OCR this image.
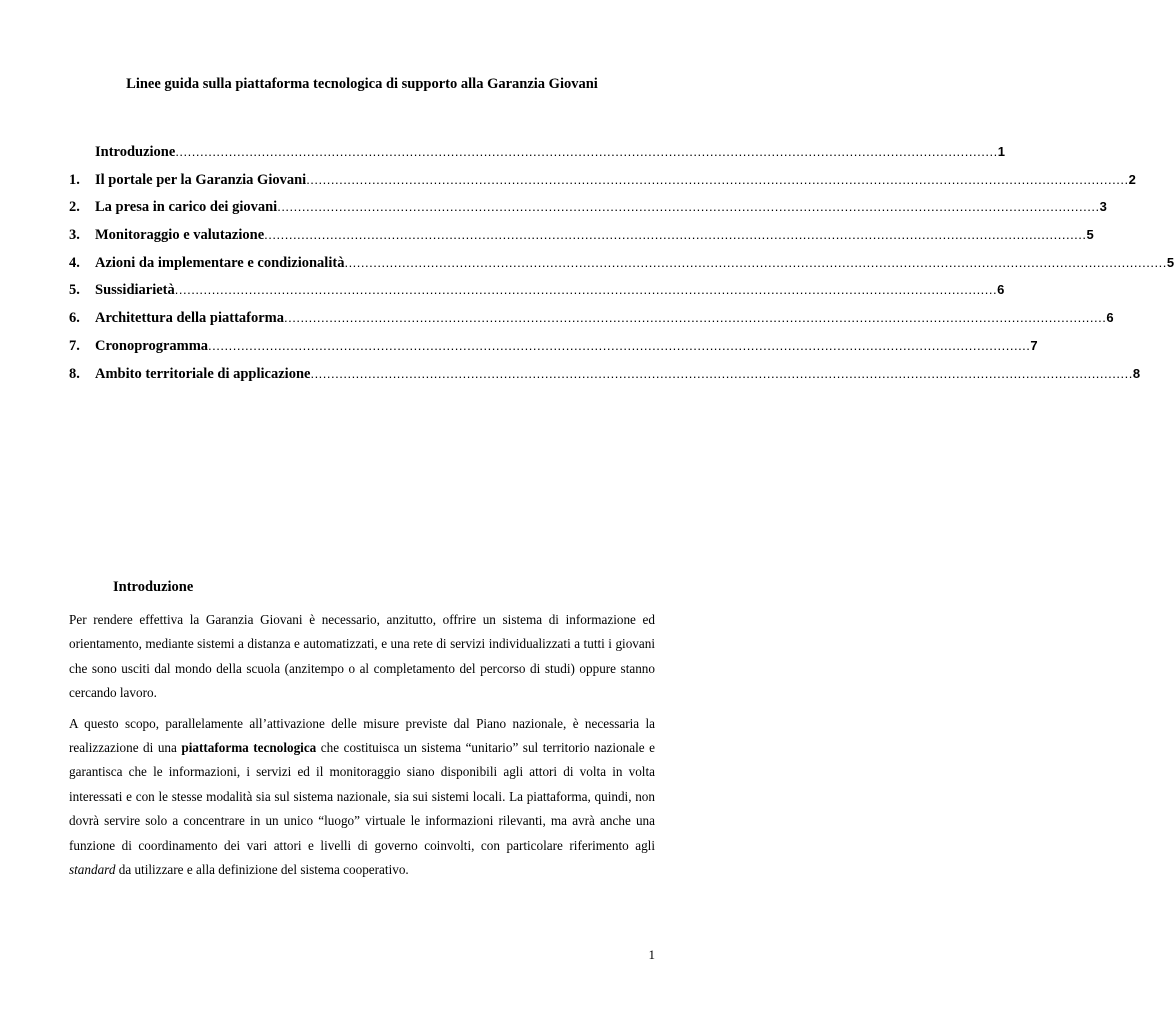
Linee guida sulla piattaforma tecnologica di supporto alla Garanzia Giovani
Introduzione ........................................................................................................................................................................................................ 1
1.	Il portale per la Garanzia Giovani ........................................................................................................................................................................................................ 2
2.	La presa in carico dei giovani ........................................................................................................................................................................................................ 3
3.	Monitoraggio e valutazione ........................................................................................................................................................................................................ 5
4.	Azioni da implementare e condizionalità ........................................................................................................................................................................................................ 5
5.	Sussidiarietà ........................................................................................................................................................................................................ 6
6.	Architettura della piattaforma ........................................................................................................................................................................................................ 6
7.	Cronoprogramma ........................................................................................................................................................................................................ 7
8.	Ambito territoriale di applicazione ........................................................................................................................................................................................................ 8
Introduzione

Per rendere effettiva la Garanzia Giovani è necessario, anzitutto, offrire un sistema di informazione ed orientamento, mediante sistemi a distanza e automatizzati, e una rete di servizi individualizzati a tutti i giovani che sono usciti dal mondo della scuola (anzitempo o al completamento del percorso di studi) oppure stanno cercando lavoro.

A questo scopo, parallelamente all’attivazione delle misure previste dal Piano nazionale, è necessaria la realizzazione di una piattaforma tecnologica che costituisca un sistema “unitario” sul territorio nazionale e garantisca che le informazioni, i servizi ed il monitoraggio siano disponibili agli attori di volta in volta interessati e con le stesse modalità sia sul sistema nazionale, sia sui sistemi locali. La piattaforma, quindi, non dovrà servire solo a concentrare in un unico “luogo” virtuale le informazioni rilevanti, ma avrà anche una funzione di coordinamento dei vari attori e livelli di governo coinvolti, con particolare riferimento agli standard da utilizzare e alla definizione del sistema cooperativo.

1
